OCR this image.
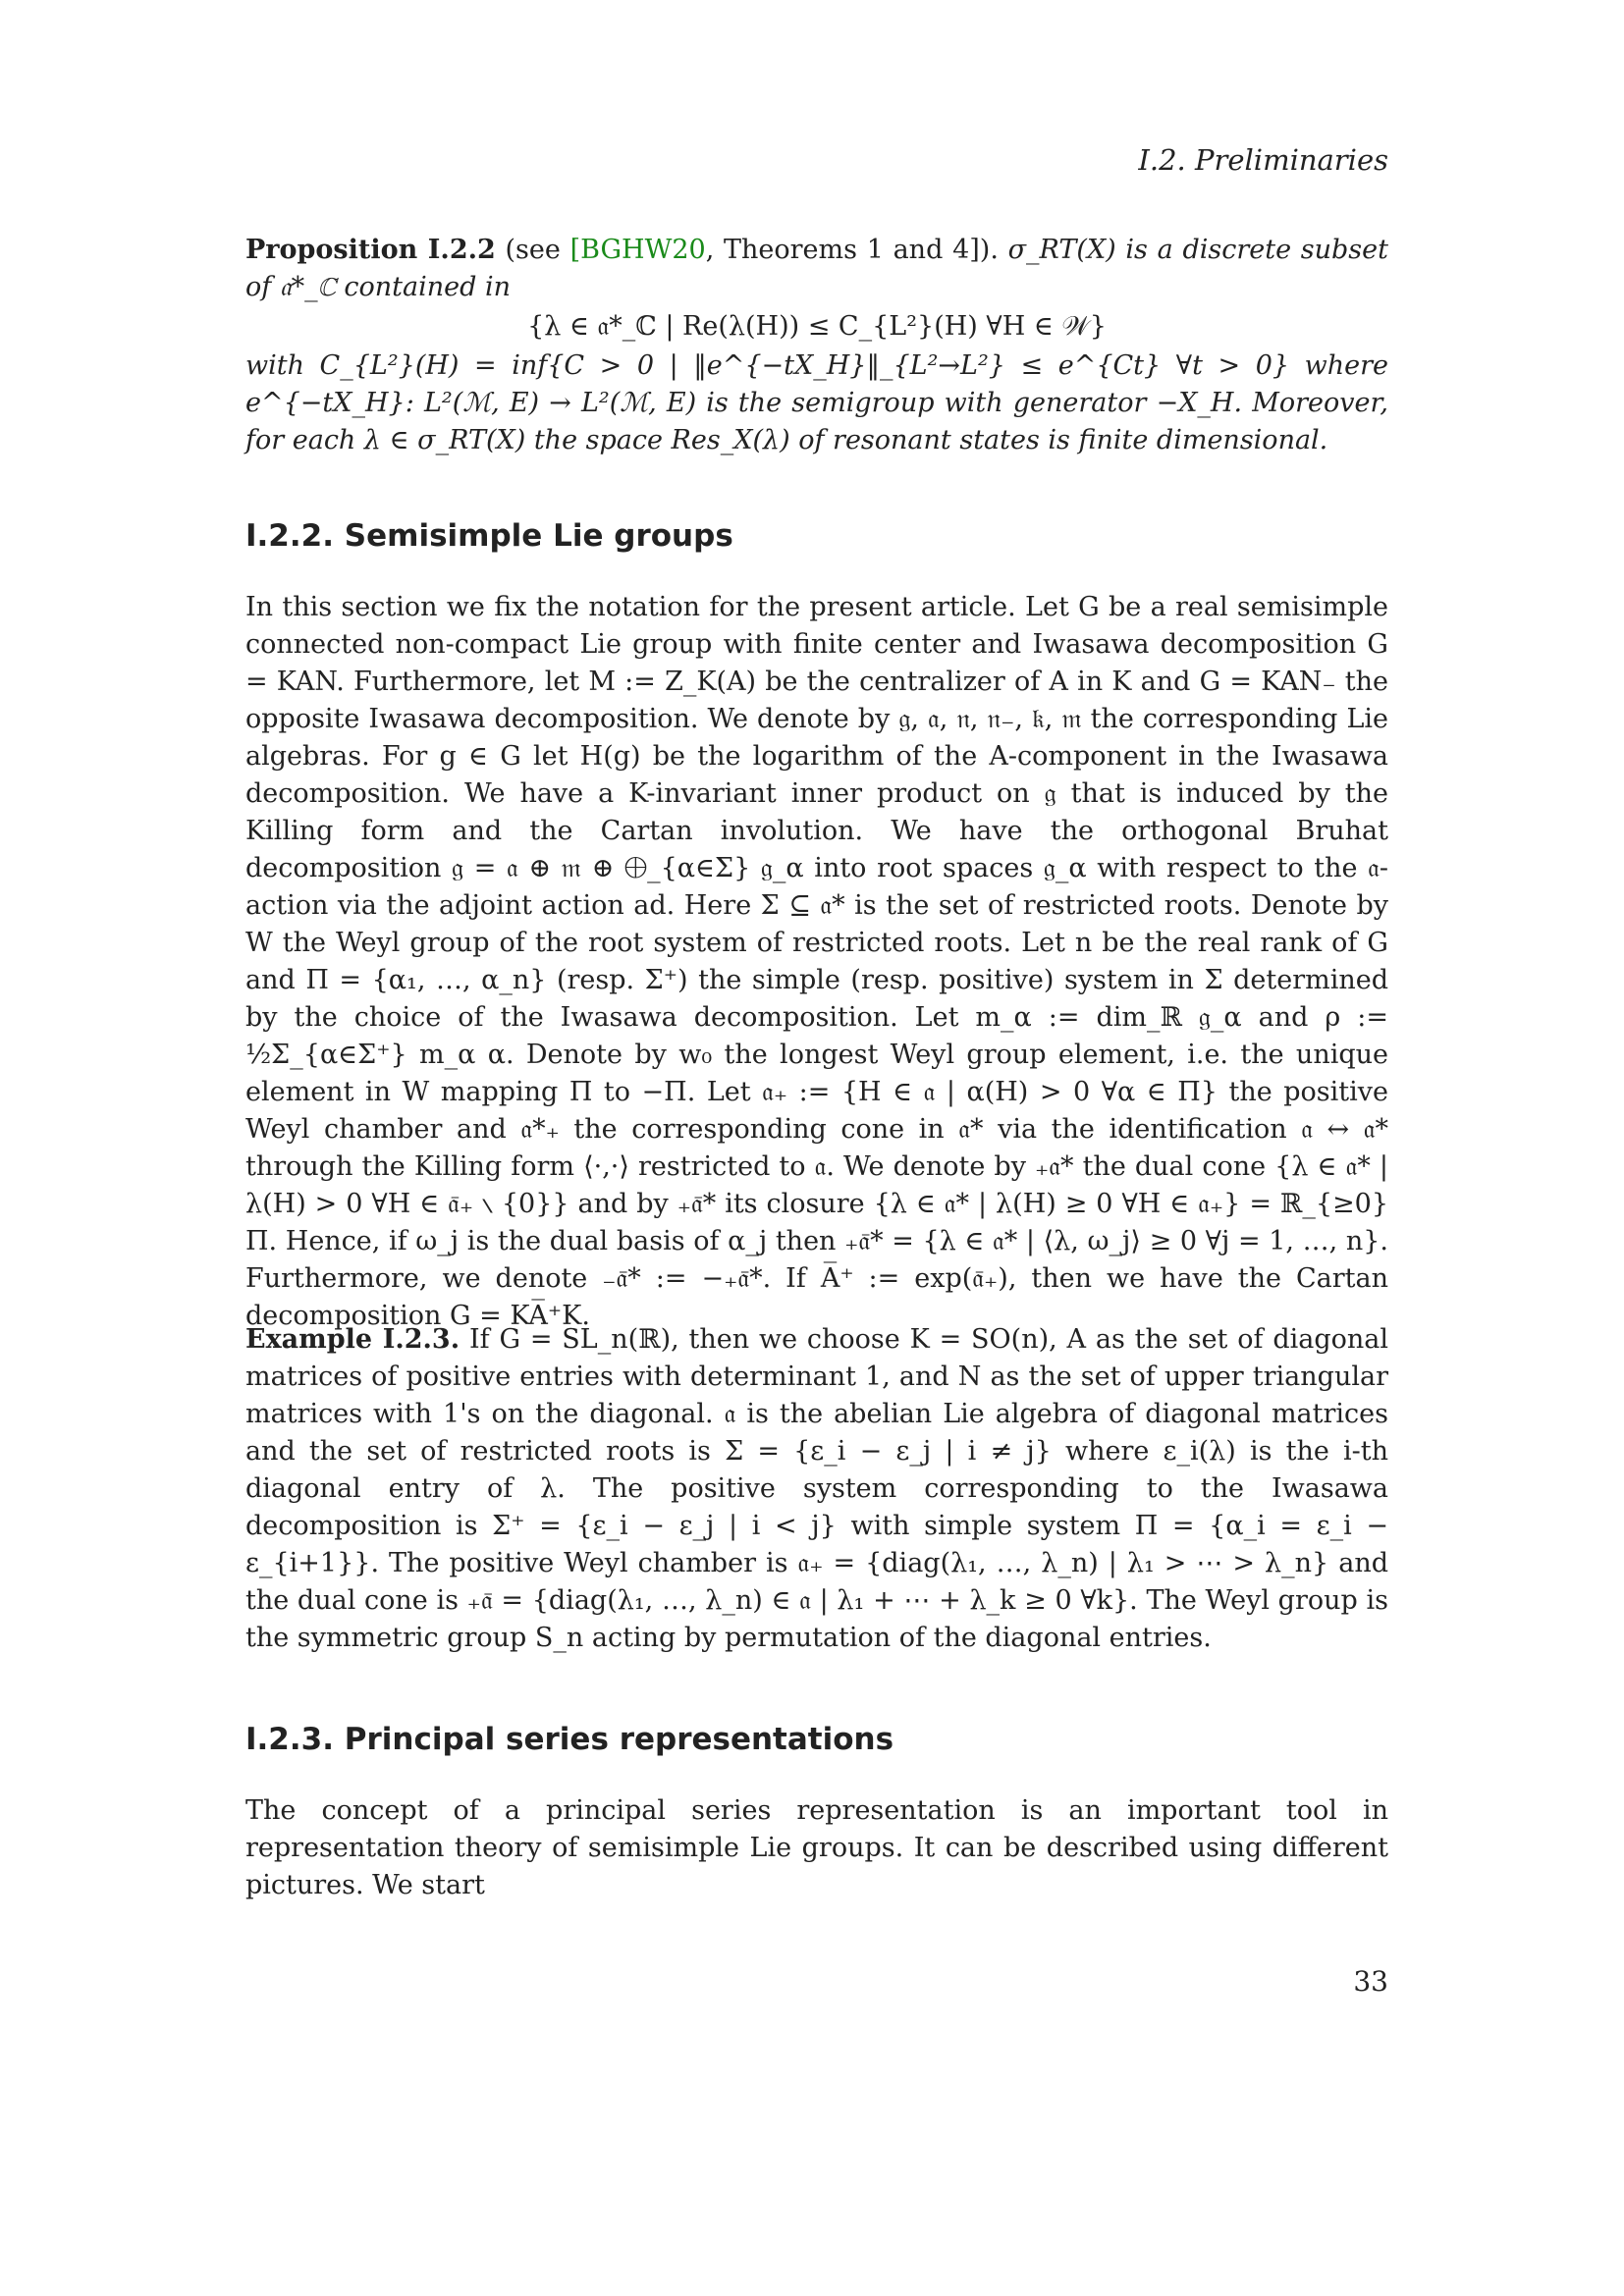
I.2. Preliminaries

Proposition I.2.2 (see [BGHW20, Theorems 1 and 4]). σ_RT(X) is a discrete subset of 𝔞*_ℂ contained in

{λ ∈ 𝔞*_ℂ | Re(λ(H)) ≤ C_{L²}(H) ∀H ∈ 𝒲}

with C_{L²}(H) = inf{C > 0 | ‖e^{−tX_H}‖_{L²→L²} ≤ e^{Ct} ∀t > 0} where e^{−tX_H}: L²(ℳ, E) → L²(ℳ, E) is the semigroup with generator −X_H. Moreover, for each λ ∈ σ_RT(X) the space Res_X(λ) of resonant states is finite dimensional.

I.2.2. Semisimple Lie groups

In this section we fix the notation for the present article. Let G be a real semisimple connected non-compact Lie group with finite center and Iwasawa decomposition G = KAN. Furthermore, let M := Z_K(A) be the centralizer of A in K and G = KAN₋ the opposite Iwasawa decomposition. We denote by 𝔤, 𝔞, 𝔫, 𝔫₋, 𝔨, 𝔪 the corresponding Lie algebras. For g ∈ G let H(g) be the logarithm of the A-component in the Iwasawa decomposition. We have a K-invariant inner product on 𝔤 that is induced by the Killing form and the Cartan involution. We have the orthogonal Bruhat decomposition 𝔤 = 𝔞 ⊕ 𝔪 ⊕ ⨁_{α∈Σ} 𝔤_α into root spaces 𝔤_α with respect to the 𝔞-action via the adjoint action ad. Here Σ ⊆ 𝔞* is the set of restricted roots. Denote by W the Weyl group of the root system of restricted roots. Let n be the real rank of G and Π = {α₁, …, α_n} (resp. Σ⁺) the simple (resp. positive) system in Σ determined by the choice of the Iwasawa decomposition. Let m_α := dim_ℝ 𝔤_α and ρ := ½Σ_{α∈Σ⁺} m_α α. Denote by w₀ the longest Weyl group element, i.e. the unique element in W mapping Π to −Π. Let 𝔞₊ := {H ∈ 𝔞 | α(H) > 0 ∀α ∈ Π} the positive Weyl chamber and 𝔞*₊ the corresponding cone in 𝔞* via the identification 𝔞 ↔ 𝔞* through the Killing form ⟨·,·⟩ restricted to 𝔞. We denote by ₊𝔞* the dual cone {λ ∈ 𝔞* | λ(H) > 0 ∀H ∈ 𝔞̄₊ ∖ {0}} and by ₊𝔞̄* its closure {λ ∈ 𝔞* | λ(H) ≥ 0 ∀H ∈ 𝔞₊} = ℝ_{≥0}Π. Hence, if ω_j is the dual basis of α_j then ₊𝔞̄* = {λ ∈ 𝔞* | ⟨λ, ω_j⟩ ≥ 0 ∀j = 1, …, n}. Furthermore, we denote ₋𝔞̄* := −₊𝔞̄*. If A̅⁺ := exp(𝔞̄₊), then we have the Cartan decomposition G = KA̅⁺K.

Example I.2.3. If G = SL_n(ℝ), then we choose K = SO(n), A as the set of diagonal matrices of positive entries with determinant 1, and N as the set of upper triangular matrices with 1's on the diagonal. 𝔞 is the abelian Lie algebra of diagonal matrices and the set of restricted roots is Σ = {ε_i − ε_j | i ≠ j} where ε_i(λ) is the i-th diagonal entry of λ. The positive system corresponding to the Iwasawa decomposition is Σ⁺ = {ε_i − ε_j | i < j} with simple system Π = {α_i = ε_i − ε_{i+1}}. The positive Weyl chamber is 𝔞₊ = {diag(λ₁, …, λ_n) | λ₁ > ⋯ > λ_n} and the dual cone is ₊𝔞̄ = {diag(λ₁, …, λ_n) ∈ 𝔞 | λ₁ + ⋯ + λ_k ≥ 0 ∀k}. The Weyl group is the symmetric group S_n acting by permutation of the diagonal entries.

I.2.3. Principal series representations

The concept of a principal series representation is an important tool in representation theory of semisimple Lie groups. It can be described using different pictures. We start

33
